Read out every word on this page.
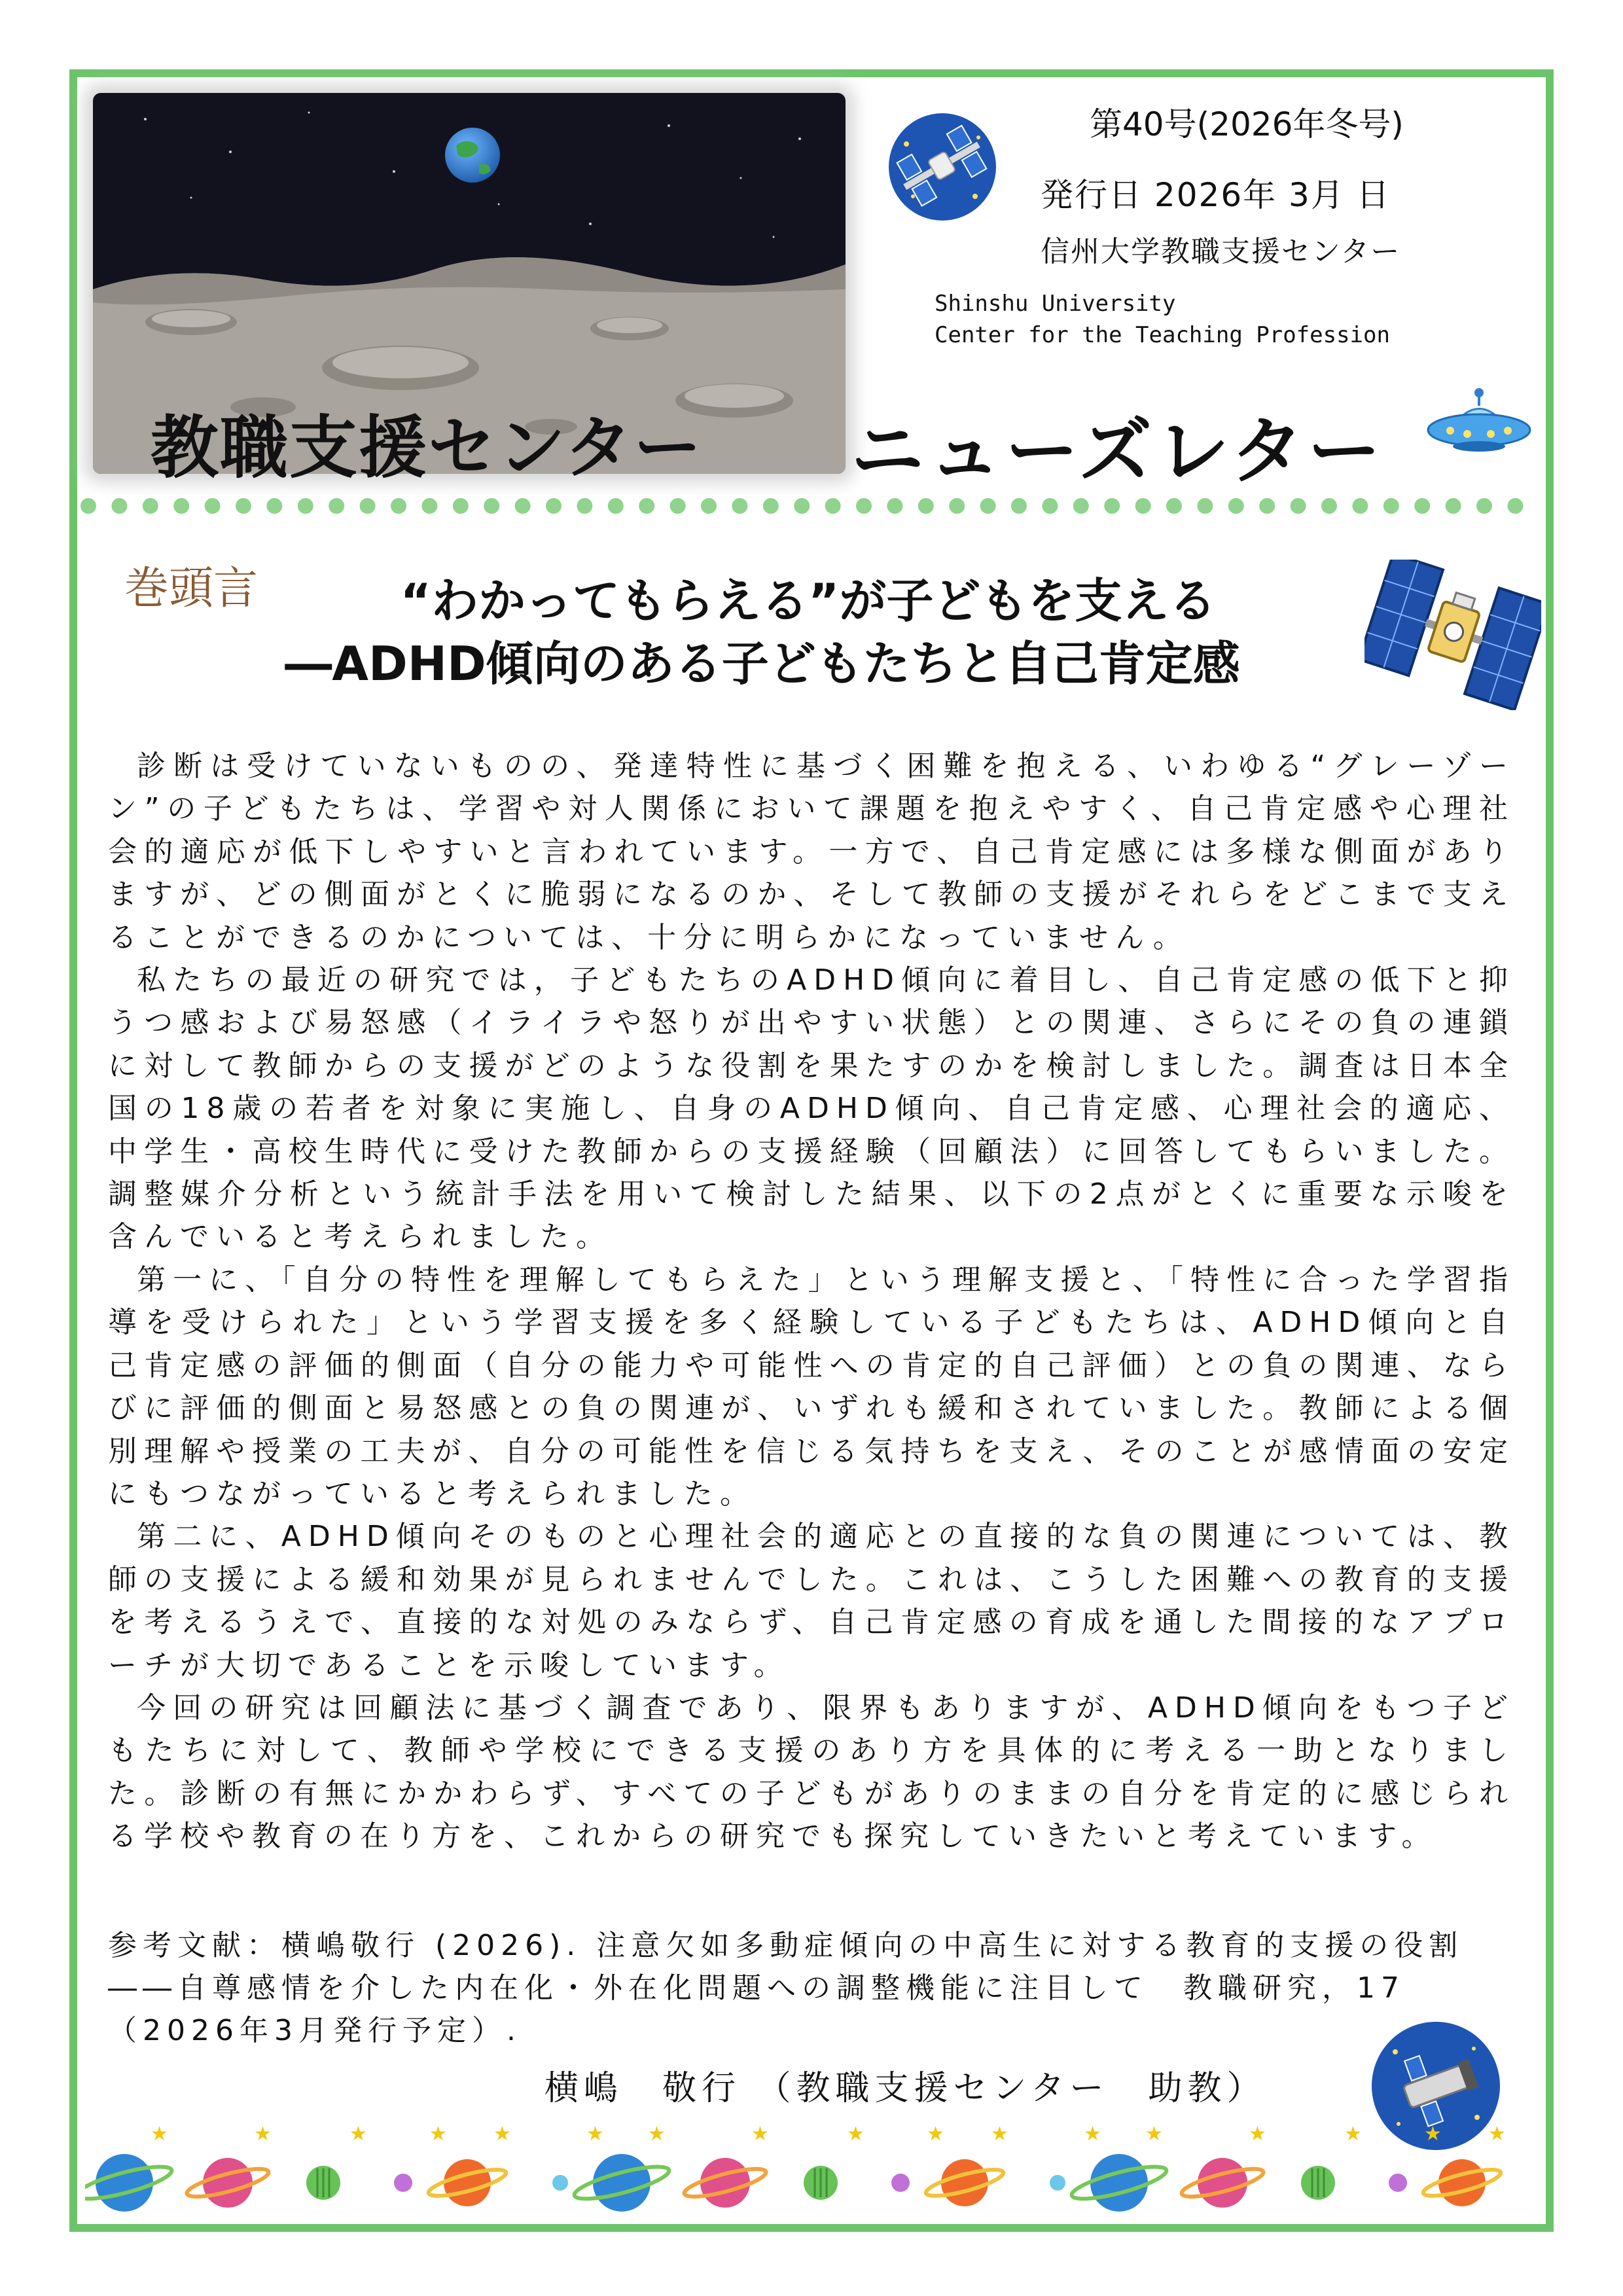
第40号(2026年冬号)
発行日 2026年 3月 日
信州大学教職支援センター
Shinshu University
Center for the Teaching Profession
教職支援センター ニューズレター
巻頭言	“わかってもらえる”が子どもを支える
―ADHD傾向のある子どもたちと自己肯定感

診断は受けていないものの、発達特性に基づく困難を抱える、いわゆる“グレーゾーン”の子どもたちは、学習や対人関係において課題を抱えやすく、自己肯定感や心理社会的適応が低下しやすいと言われています。一方で、自己肯定感には多様な側面がありますが、どの側面がとくに脆弱になるのか、そして教師の支援がそれらをどこまで支えることができるのかについては、十分に明らかになっていません。

私たちの最近の研究では，子どもたちのADHD傾向に着目し、自己肯定感の低下と抑うつ感および易怒感（イライラや怒りが出やすい状態）との関連、さらにその負の連鎖に対して教師からの支援がどのような役割を果たすのかを検討しました。調査は日本全国の18歳の若者を対象に実施し、自身のADHD傾向、自己肯定感、心理社会的適応、中学生・高校生時代に受けた教師からの支援経験（回顧法）に回答してもらいました。調整媒介分析という統計手法を用いて検討した結果、以下の2点がとくに重要な示唆を含んでいると考えられました。

第一に、「自分の特性を理解してもらえた」という理解支援と、「特性に合った学習指導を受けられた」という学習支援を多く経験している子どもたちは、ADHD傾向と自己肯定感の評価的側面（自分の能力や可能性への肯定的自己評価）との負の関連、ならびに評価的側面と易怒感との負の関連が、いずれも緩和されていました。教師による個別理解や授業の工夫が、自分の可能性を信じる気持ちを支え、そのことが感情面の安定にもつながっていると考えられました。

第二に、ADHD傾向そのものと心理社会的適応との直接的な負の関連については、教師の支援による緩和効果が見られませんでした。これは、こうした困難への教育的支援を考えるうえで、直接的な対処のみならず、自己肯定感の育成を通した間接的なアプローチが大切であることを示唆しています。

今回の研究は回顧法に基づく調査であり、限界もありますが、ADHD傾向をもつ子どもたちに対して、教師や学校にできる支援のあり方を具体的に考える一助となりました。診断の有無にかかわらず、すべての子どもがありのままの自分を肯定的に感じられる学校や教育の在り方を、これからの研究でも探究していきたいと考えています。

参考文献：横嶋敬行 (2026). 注意欠如多動症傾向の中高生に対する教育的支援の役割――自尊感情を介した内在化・外在化問題への調整機能に注目して　教職研究，17（2026年3月発行予定）.
横嶋　敬行 （教職支援センター　助教）
★	★	★	★ ★	★ ★	★	★	★ ★	★ ★	★	★	★ ★
